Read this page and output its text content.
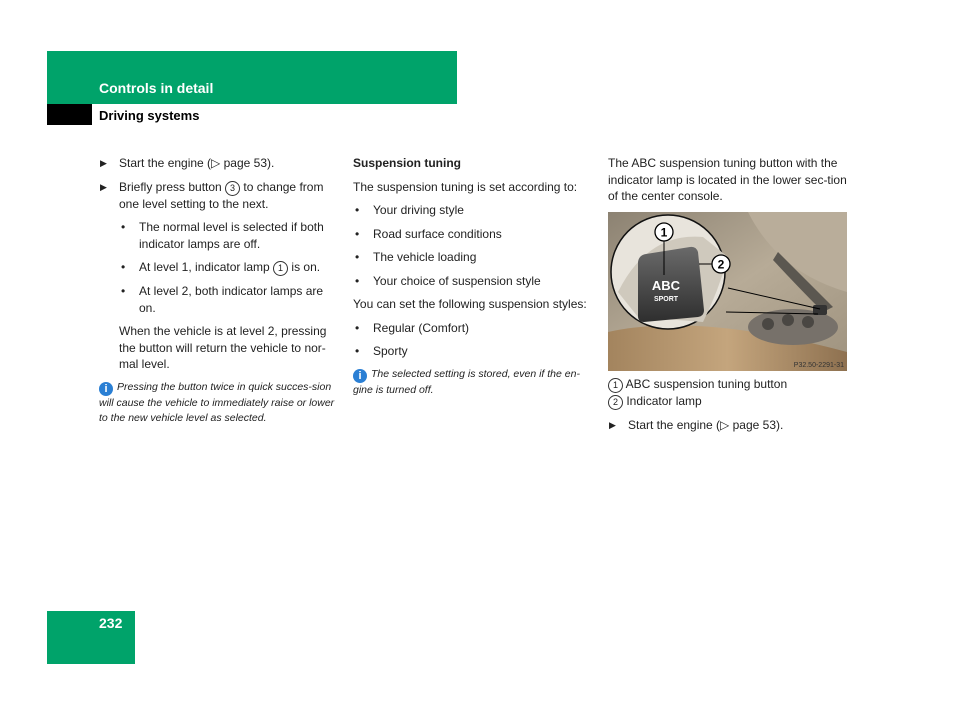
Controls in detail
Driving systems
▶ Start the engine (▷ page 53).
▶ Briefly press button 3 to change from one level setting to the next.
• The normal level is selected if both indicator lamps are off.
• At level 1, indicator lamp 1 is on.
• At level 2, both indicator lamps are on.
When the vehicle is at level 2, pressing the button will return the vehicle to nor-mal level.
i Pressing the button twice in quick succes-sion will cause the vehicle to immediately raise or lower to the new vehicle level as selected.
Suspension tuning
The suspension tuning is set according to:
• Your driving style
• Road surface conditions
• The vehicle loading
• Your choice of suspension style
You can set the following suspension styles:
• Regular (Comfort)
• Sporty
i The selected setting is stored, even if the en-gine is turned off.
The ABC suspension tuning button with the indicator lamp is located in the lower sec-tion of the center console.
ABC
SPORT
1
2
P32.50-2291-31
1 ABC suspension tuning button
2 Indicator lamp
▶ Start the engine (▷ page 53).
232
